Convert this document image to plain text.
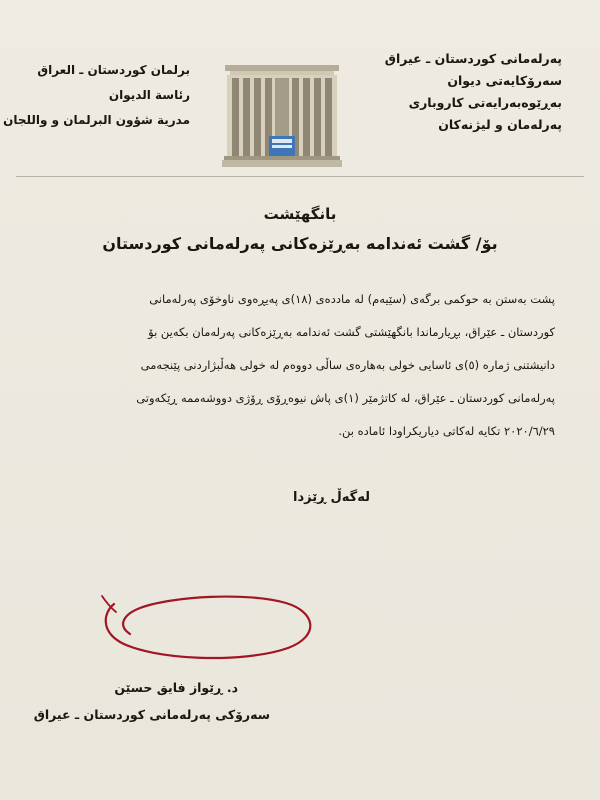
پەرلەمانی کوردستان ـ عیراق
سەرۆکایەتی دیوان
بەڕێوەبەرایەتی کاروباری
پەرلەمان و لیژنەکان
برلمان كوردستان ـ العراق
رئاسة الديوان
مدرية شؤون البرلمان و واللجان
بانگهێشت
بۆ/ گشت ئەندامە بەڕێزەکانی پەرلەمانی کوردستان
پشت بەستن بە حوکمی برگەی (سێیەم) لە ماددەی (١٨)ی پەیڕەوی ناوخۆی پەرلەمانی
کوردستان ـ عێراق، بڕیارماندا بانگهێشتی گشت ئەندامە بەڕێزەکانی پەرلەمان بکەین بۆ
دانیشتنی ژمارە (٥)ی ئاسایی خولی بەهارەی ساڵی دووەم لە خولی هەڵبژاردنی پێنجەمی
پەرلەمانی کوردستان ـ عێراق، لە کاتژمێر (١)ی پاش نیوەڕۆی ڕۆژی دووشەممە ڕێکەوتی
٢٠٢٠/٦/٢٩ تکایە لەکاتی دیاریکراودا ئامادە بن.
لەگەڵ ڕێزدا
د. ڕێواز فایق حسێن
سەرۆکی پەرلەمانی کوردستان ـ عیراق
